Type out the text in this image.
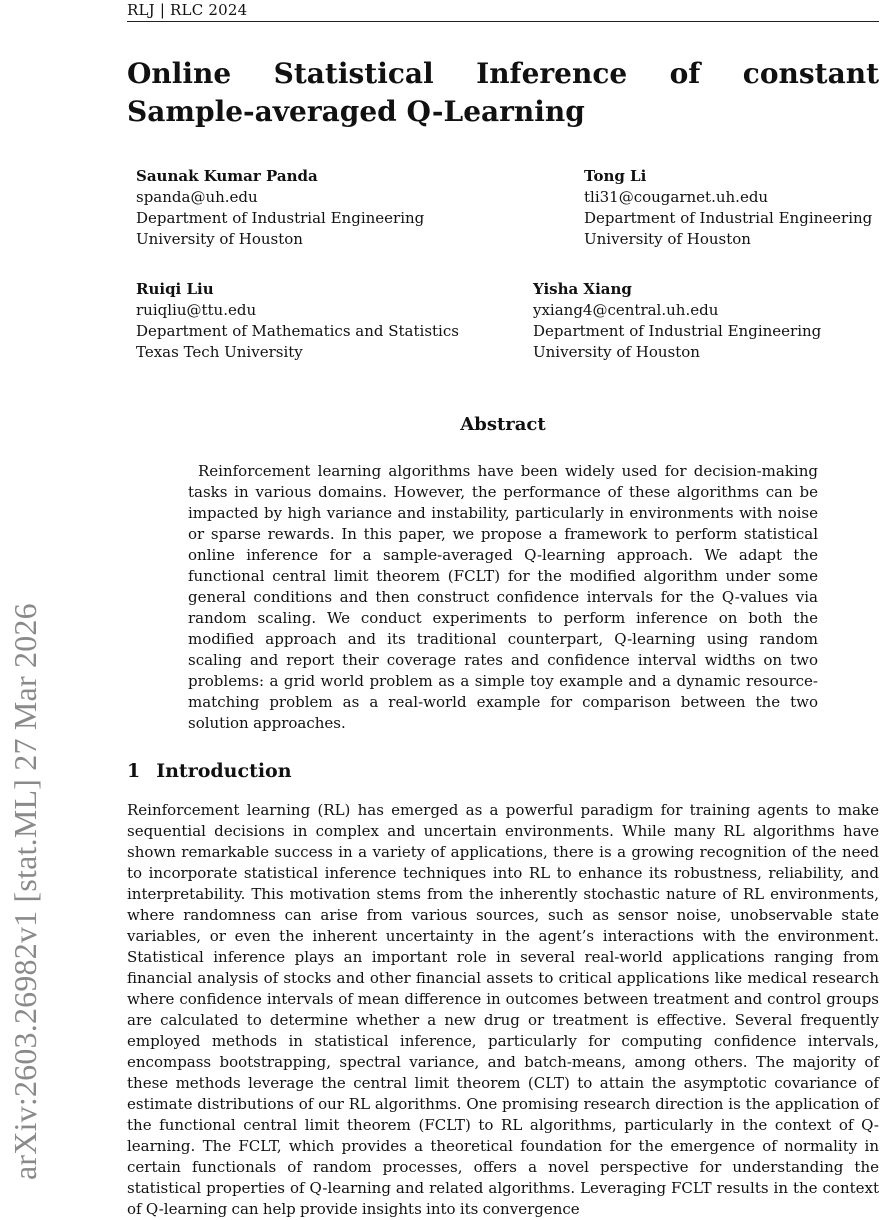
RLJ | RLC 2024
arXiv:2603.26982v1 [stat.ML] 27 Mar 2026
Online Statistical Inference of constant Sample-averaged Q-Learning
Saunak Kumar Panda
spanda@uh.edu
Department of Industrial Engineering
University of Houston
Tong Li
tli31@cougarnet.uh.edu
Department of Industrial Engineering
University of Houston
Ruiqi Liu
ruiqliu@ttu.edu
Department of Mathematics and Statistics
Texas Tech University
Yisha Xiang
yxiang4@central.uh.edu
Department of Industrial Engineering
University of Houston
Abstract

Reinforcement learning algorithms have been widely used for decision-making tasks in various domains. However, the performance of these algorithms can be impacted by high variance and instability, particularly in environments with noise or sparse rewards. In this paper, we propose a framework to perform statistical online inference for a sample-averaged Q-learning approach. We adapt the functional central limit theorem (FCLT) for the modified algorithm under some general conditions and then construct confidence intervals for the Q-values via random scaling. We conduct experiments to perform inference on both the modified approach and its traditional counterpart, Q-learning using random scaling and report their coverage rates and confidence interval widths on two problems: a grid world problem as a simple toy example and a dynamic resource-matching problem as a real-world example for comparison between the two solution approaches.

1 Introduction

Reinforcement learning (RL) has emerged as a powerful paradigm for training agents to make sequential decisions in complex and uncertain environments. While many RL algorithms have shown remarkable success in a variety of applications, there is a growing recognition of the need to incorporate statistical inference techniques into RL to enhance its robustness, reliability, and interpretability. This motivation stems from the inherently stochastic nature of RL environments, where randomness can arise from various sources, such as sensor noise, unobservable state variables, or even the inherent uncertainty in the agent’s interactions with the environment. Statistical inference plays an important role in several real-world applications ranging from financial analysis of stocks and other financial assets to critical applications like medical research where confidence intervals of mean difference in outcomes between treatment and control groups are calculated to determine whether a new drug or treatment is effective. Several frequently employed methods in statistical inference, particularly for computing confidence intervals, encompass bootstrapping, spectral variance, and batch-means, among others. The majority of these methods leverage the central limit theorem (CLT) to attain the asymptotic covariance of estimate distributions of our RL algorithms. One promising research direction is the application of the functional central limit theorem (FCLT) to RL algorithms, particularly in the context of Q-learning. The FCLT, which provides a theoretical foundation for the emergence of normality in certain functionals of random processes, offers a novel perspective for understanding the statistical properties of Q-learning and related algorithms. Leveraging FCLT results in the context of Q-learning can help provide insights into its convergence
